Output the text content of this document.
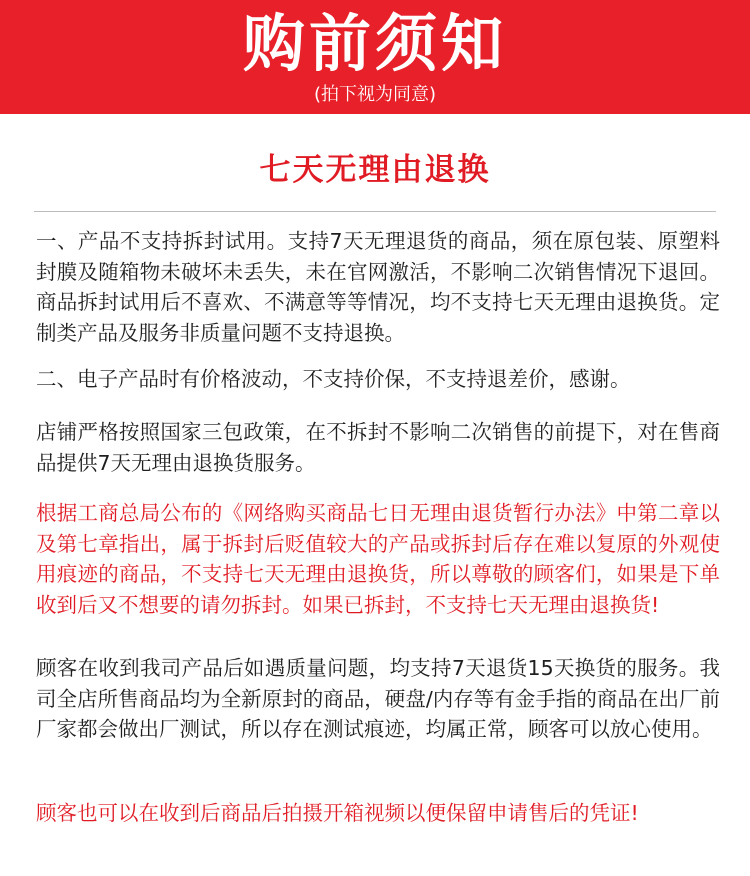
购前须知
(拍下视为同意)
七天无理由退换

一、产品不支持拆封试用。支持7天无理退货的商品，须在原包装、原塑料封膜及随箱物未破坏未丢失，未在官网激活，不影响二次销售情况下退回。商品拆封试用后不喜欢、不满意等等情况，均不支持七天无理由退换货。定制类产品及服务非质量问题不支持退换。

二、电子产品时有价格波动，不支持价保，不支持退差价，感谢。

店铺严格按照国家三包政策，在不拆封不影响二次销售的前提下，对在售商品提供7天无理由退换货服务。

根据工商总局公布的《网络购买商品七日无理由退货暂行办法》中第二章以及第七章指出，属于拆封后贬值较大的产品或拆封后存在难以复原的外观使用痕迹的商品，不支持七天无理由退换货，所以尊敬的顾客们，如果是下单收到后又不想要的请勿拆封。如果已拆封，不支持七天无理由退换货!

顾客在收到我司产品后如遇质量问题，均支持7天退货15天换货的服务。我司全店所售商品均为全新原封的商品，硬盘/内存等有金手指的商品在出厂前厂家都会做出厂测试，所以存在测试痕迹，均属正常，顾客可以放心使用。

顾客也可以在收到后商品后拍摄开箱视频以便保留申请售后的凭证!
